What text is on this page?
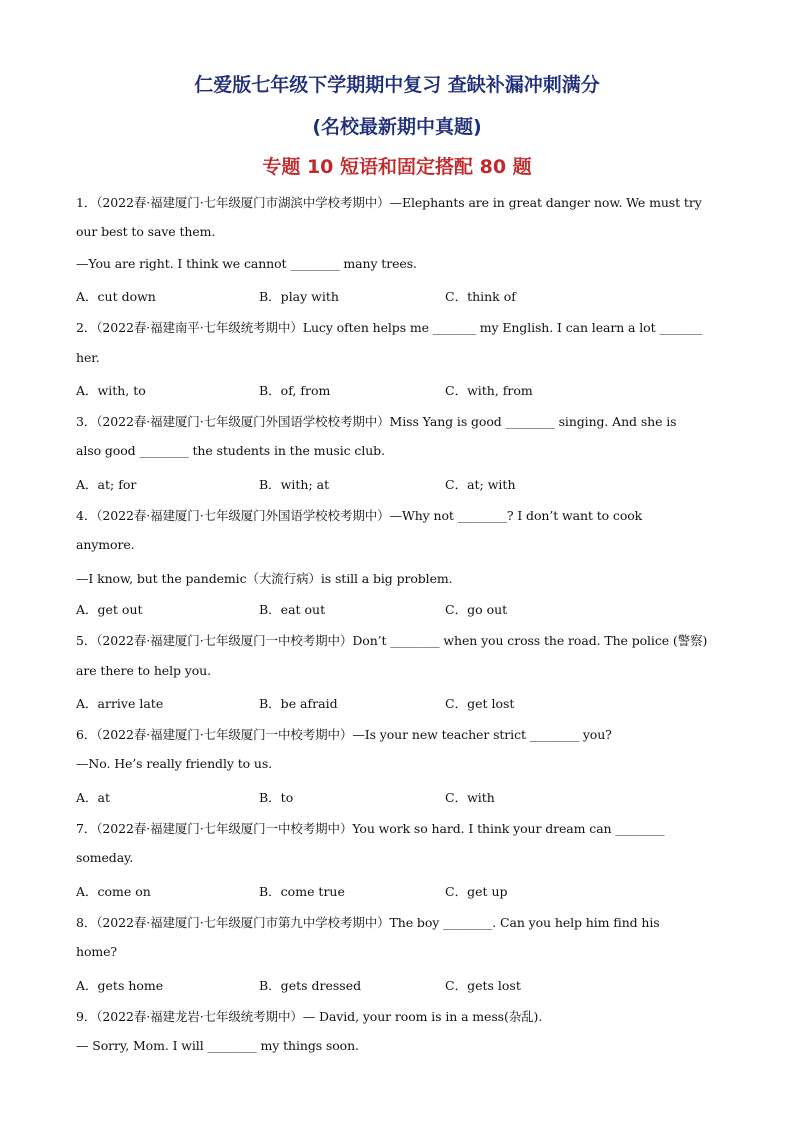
仁爱版七年级下学期期中复习 查缺补漏冲刺满分
(名校最新期中真题)
专题 10 短语和固定搭配 80 题
1．（2022春·福建厦门·七年级厦门市湖滨中学校考期中）—Elephants are in great danger now. We must try
our best to save them.
—You are right. I think we cannot ________ many trees.
A．cut down	B．play with	C．think of
2．（2022春·福建南平·七年级统考期中）Lucy often helps me _______ my English. I can learn a lot _______
her.
A．with, to	B．of, from	C．with, from
3．（2022春·福建厦门·七年级厦门外国语学校校考期中）Miss Yang is good ________ singing. And she is
also good ________ the students in the music club.
A．at; for	B．with; at	C．at; with
4．（2022春·福建厦门·七年级厦门外国语学校校考期中）—Why not ________? I don’t want to cook
anymore.
—I know, but the pandemic（大流行病）is still a big problem.
A．get out	B．eat out	C．go out
5．（2022春·福建厦门·七年级厦门一中校考期中）Don’t ________ when you cross the road. The police (警察)
are there to help you.
A．arrive late	B．be afraid	C．get lost
6．（2022春·福建厦门·七年级厦门一中校考期中）—Is your new teacher strict ________ you?
—No. He’s really friendly to us.
A．at	B．to	C．with
7．（2022春·福建厦门·七年级厦门一中校考期中）You work so hard. I think your dream can ________
someday.
A．come on	B．come true	C．get up
8．（2022春·福建厦门·七年级厦门市第九中学校考期中）The boy ________. Can you help him find his
home?
A．gets home	B．gets dressed	C．gets lost
9．（2022春·福建龙岩·七年级统考期中）— David, your room is in a mess(杂乱).
— Sorry, Mom. I will ________ my things soon.
